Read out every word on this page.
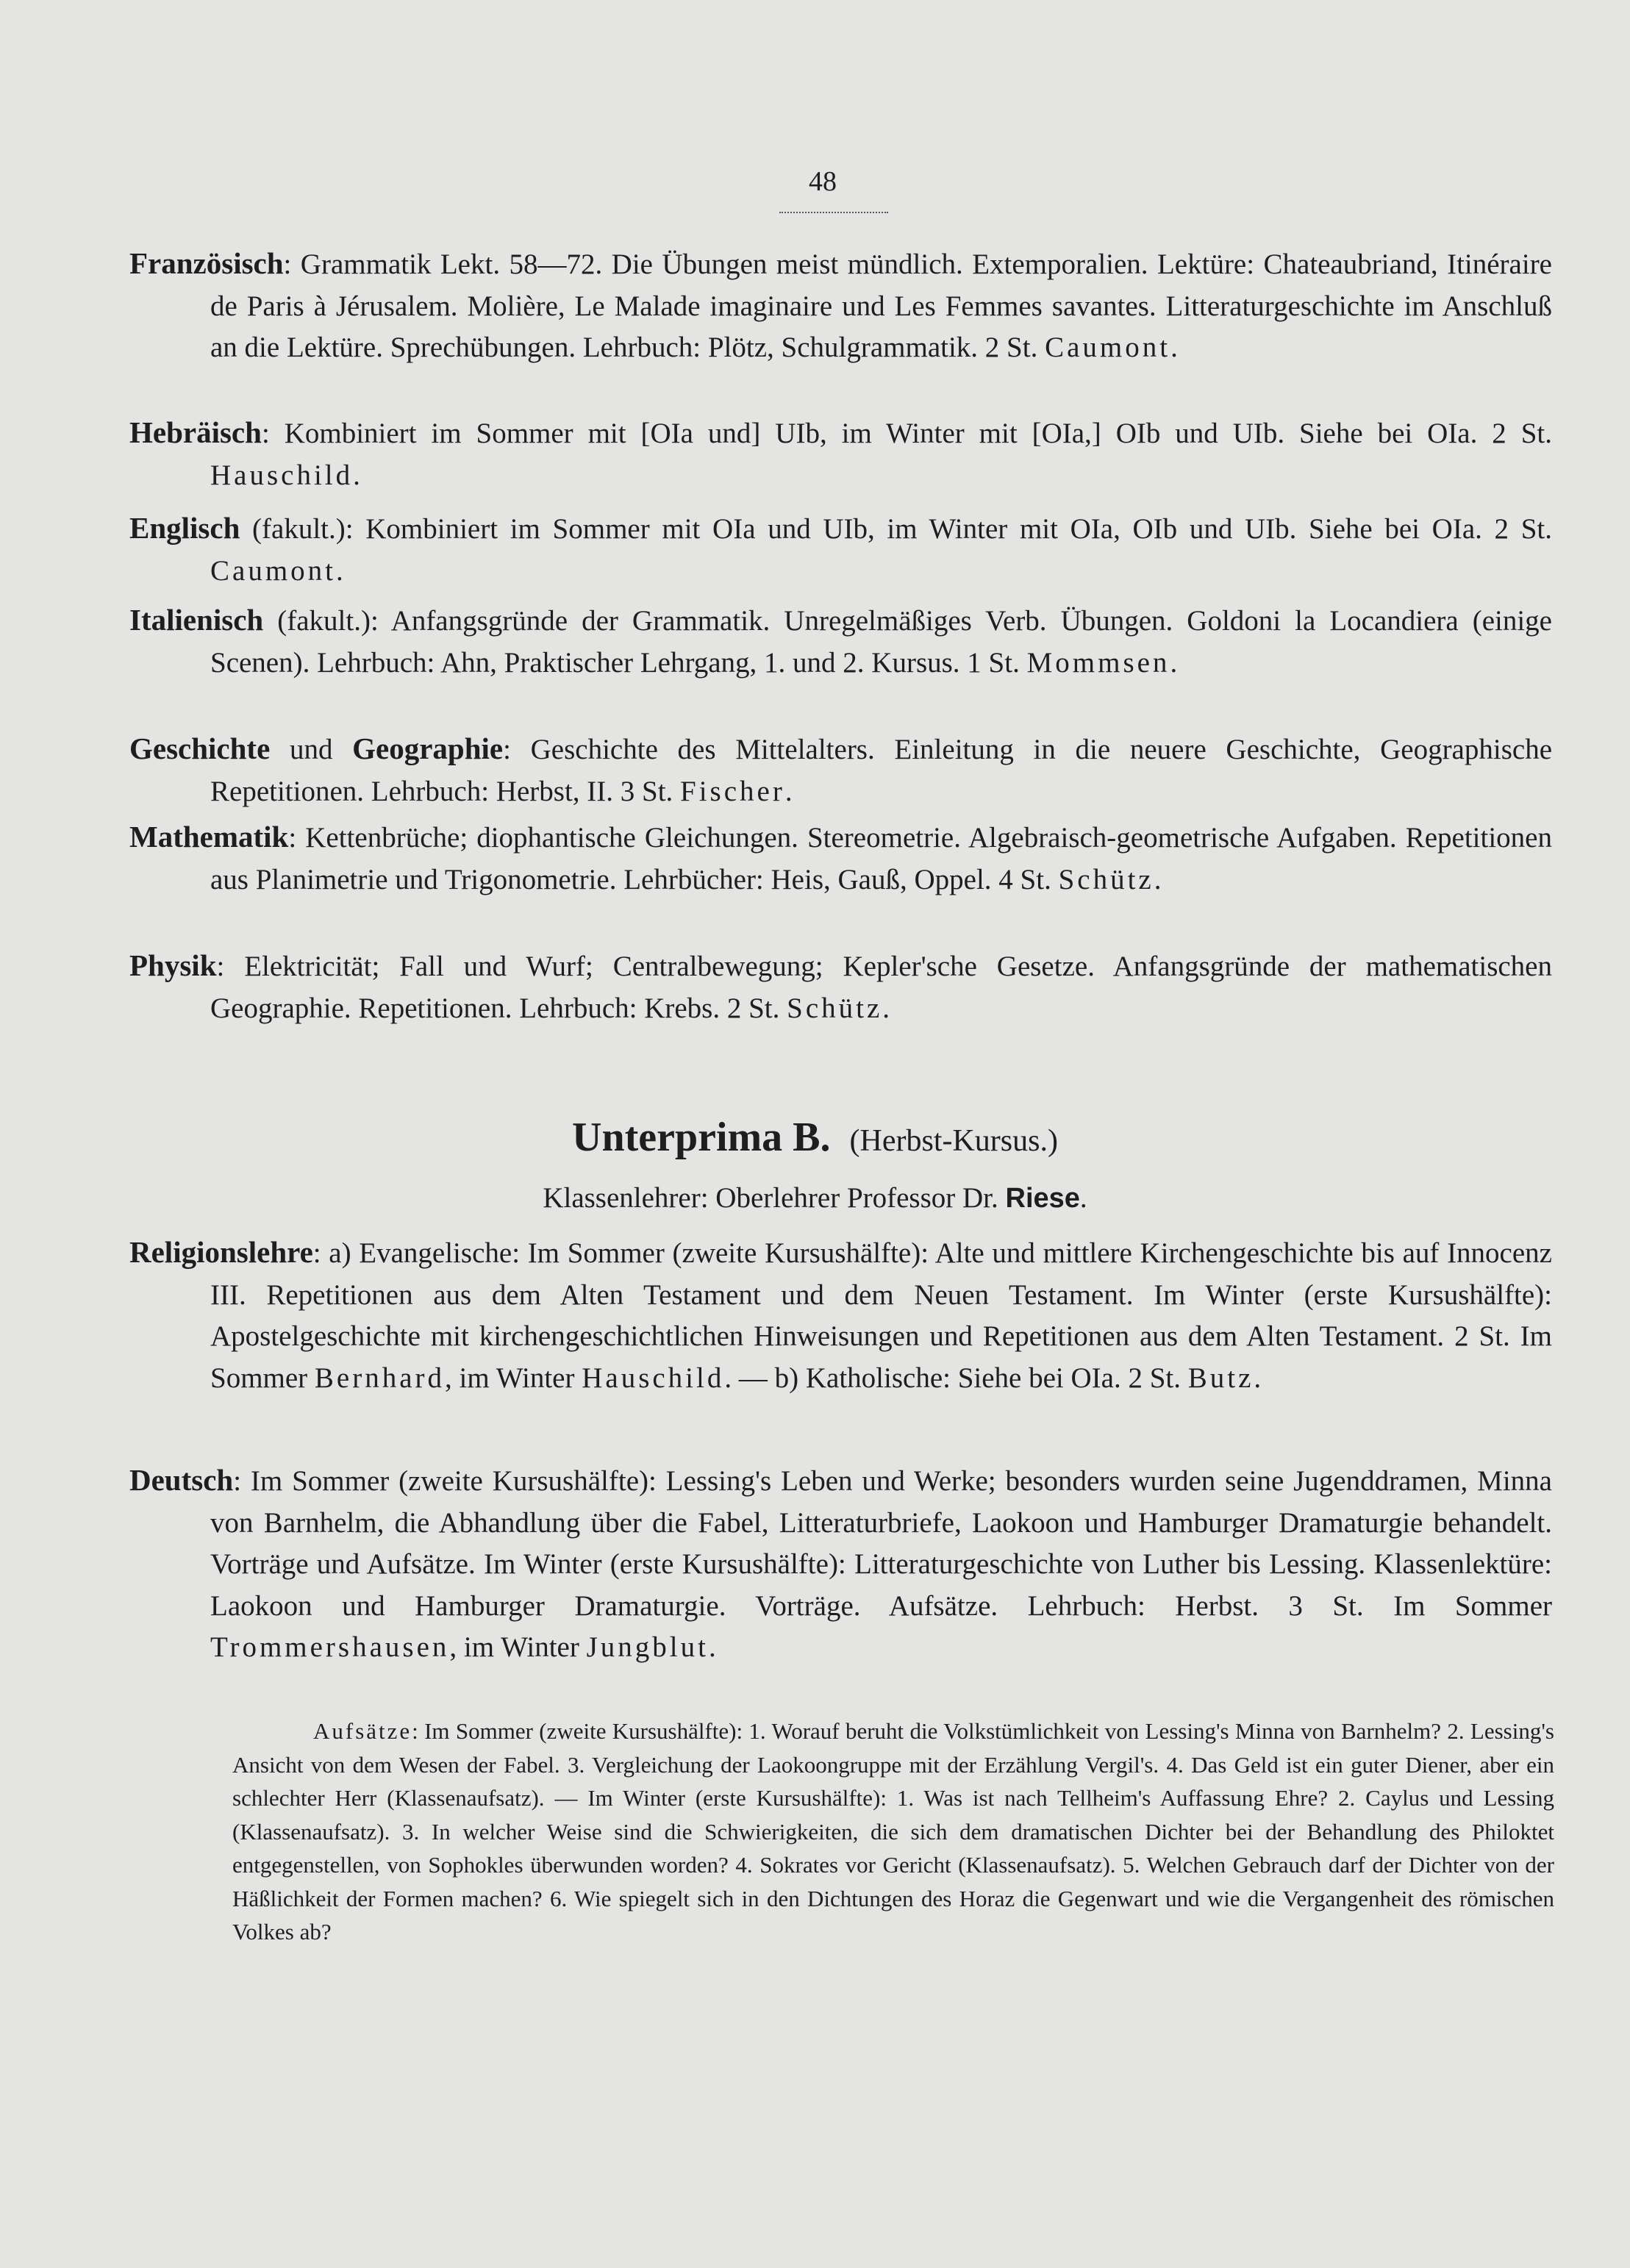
48

Französisch: Grammatik Lekt. 58—72. Die Übungen meist mündlich. Extemporalien. Lektüre: Chateaubriand, Itinéraire de Paris à Jérusalem. Molière, Le Malade imaginaire und Les Femmes savantes. Litteraturgeschichte im Anschluß an die Lektüre. Sprechübungen. Lehrbuch: Plötz, Schulgrammatik. 2 St. Caumont.

Hebräisch: Kombiniert im Sommer mit [OIa und] UIb, im Winter mit [OIa,] OIb und UIb. Siehe bei OIa. 2 St. Hauschild.

Englisch (fakult.): Kombiniert im Sommer mit OIa und UIb, im Winter mit OIa, OIb und UIb. Siehe bei OIa. 2 St. Caumont.

Italienisch (fakult.): Anfangsgründe der Grammatik. Unregelmäßiges Verb. Übungen. Goldoni la Locandiera (einige Scenen). Lehrbuch: Ahn, Praktischer Lehrgang, 1. und 2. Kursus. 1 St. Mommsen.

Geschichte und Geographie: Geschichte des Mittelalters. Einleitung in die neuere Geschichte, Geographische Repetitionen. Lehrbuch: Herbst, II. 3 St. Fischer.

Mathematik: Kettenbrüche; diophantische Gleichungen. Stereometrie. Algebraisch-geometrische Aufgaben. Repetitionen aus Planimetrie und Trigonometrie. Lehrbücher: Heis, Gauß, Oppel. 4 St. Schütz.

Physik: Elektricität; Fall und Wurf; Centralbewegung; Kepler'sche Gesetze. Anfangsgründe der mathematischen Geographie. Repetitionen. Lehrbuch: Krebs. 2 St. Schütz.

Unterprima B. (Herbst-Kursus.)
Klassenlehrer: Oberlehrer Professor Dr. Riese.

Religionslehre: a) Evangelische: Im Sommer (zweite Kursushälfte): Alte und mittlere Kirchengeschichte bis auf Innocenz III. Repetitionen aus dem Alten Testament und dem Neuen Testament. Im Winter (erste Kursushälfte): Apostelgeschichte mit kirchengeschichtlichen Hinweisungen und Repetitionen aus dem Alten Testament. 2 St. Im Sommer Bernhard, im Winter Hauschild. — b) Katholische: Siehe bei OIa. 2 St. Butz.

Deutsch: Im Sommer (zweite Kursushälfte): Lessing's Leben und Werke; besonders wurden seine Jugenddramen, Minna von Barnhelm, die Abhandlung über die Fabel, Litteraturbriefe, Laokoon und Hamburger Dramaturgie behandelt. Vorträge und Aufsätze. Im Winter (erste Kursushälfte): Litteraturgeschichte von Luther bis Lessing. Klassenlektüre: Laokoon und Hamburger Dramaturgie. Vorträge. Aufsätze. Lehrbuch: Herbst. 3 St. Im Sommer Trommershausen, im Winter Jungblut.

Aufsätze: Im Sommer (zweite Kursushälfte): 1. Worauf beruht die Volkstümlichkeit von Lessing's Minna von Barnhelm? 2. Lessing's Ansicht von dem Wesen der Fabel. 3. Vergleichung der Laokoongruppe mit der Erzählung Vergil's. 4. Das Geld ist ein guter Diener, aber ein schlechter Herr (Klassenaufsatz). — Im Winter (erste Kursushälfte): 1. Was ist nach Tellheim's Auffassung Ehre? 2. Caylus und Lessing (Klassenaufsatz). 3. In welcher Weise sind die Schwierigkeiten, die sich dem dramatischen Dichter bei der Behandlung des Philoktet entgegenstellen, von Sophokles überwunden worden? 4. Sokrates vor Gericht (Klassenaufsatz). 5. Welchen Gebrauch darf der Dichter von der Häßlichkeit der Formen machen? 6. Wie spiegelt sich in den Dichtungen des Horaz die Gegenwart und wie die Vergangenheit des römischen Volkes ab?
